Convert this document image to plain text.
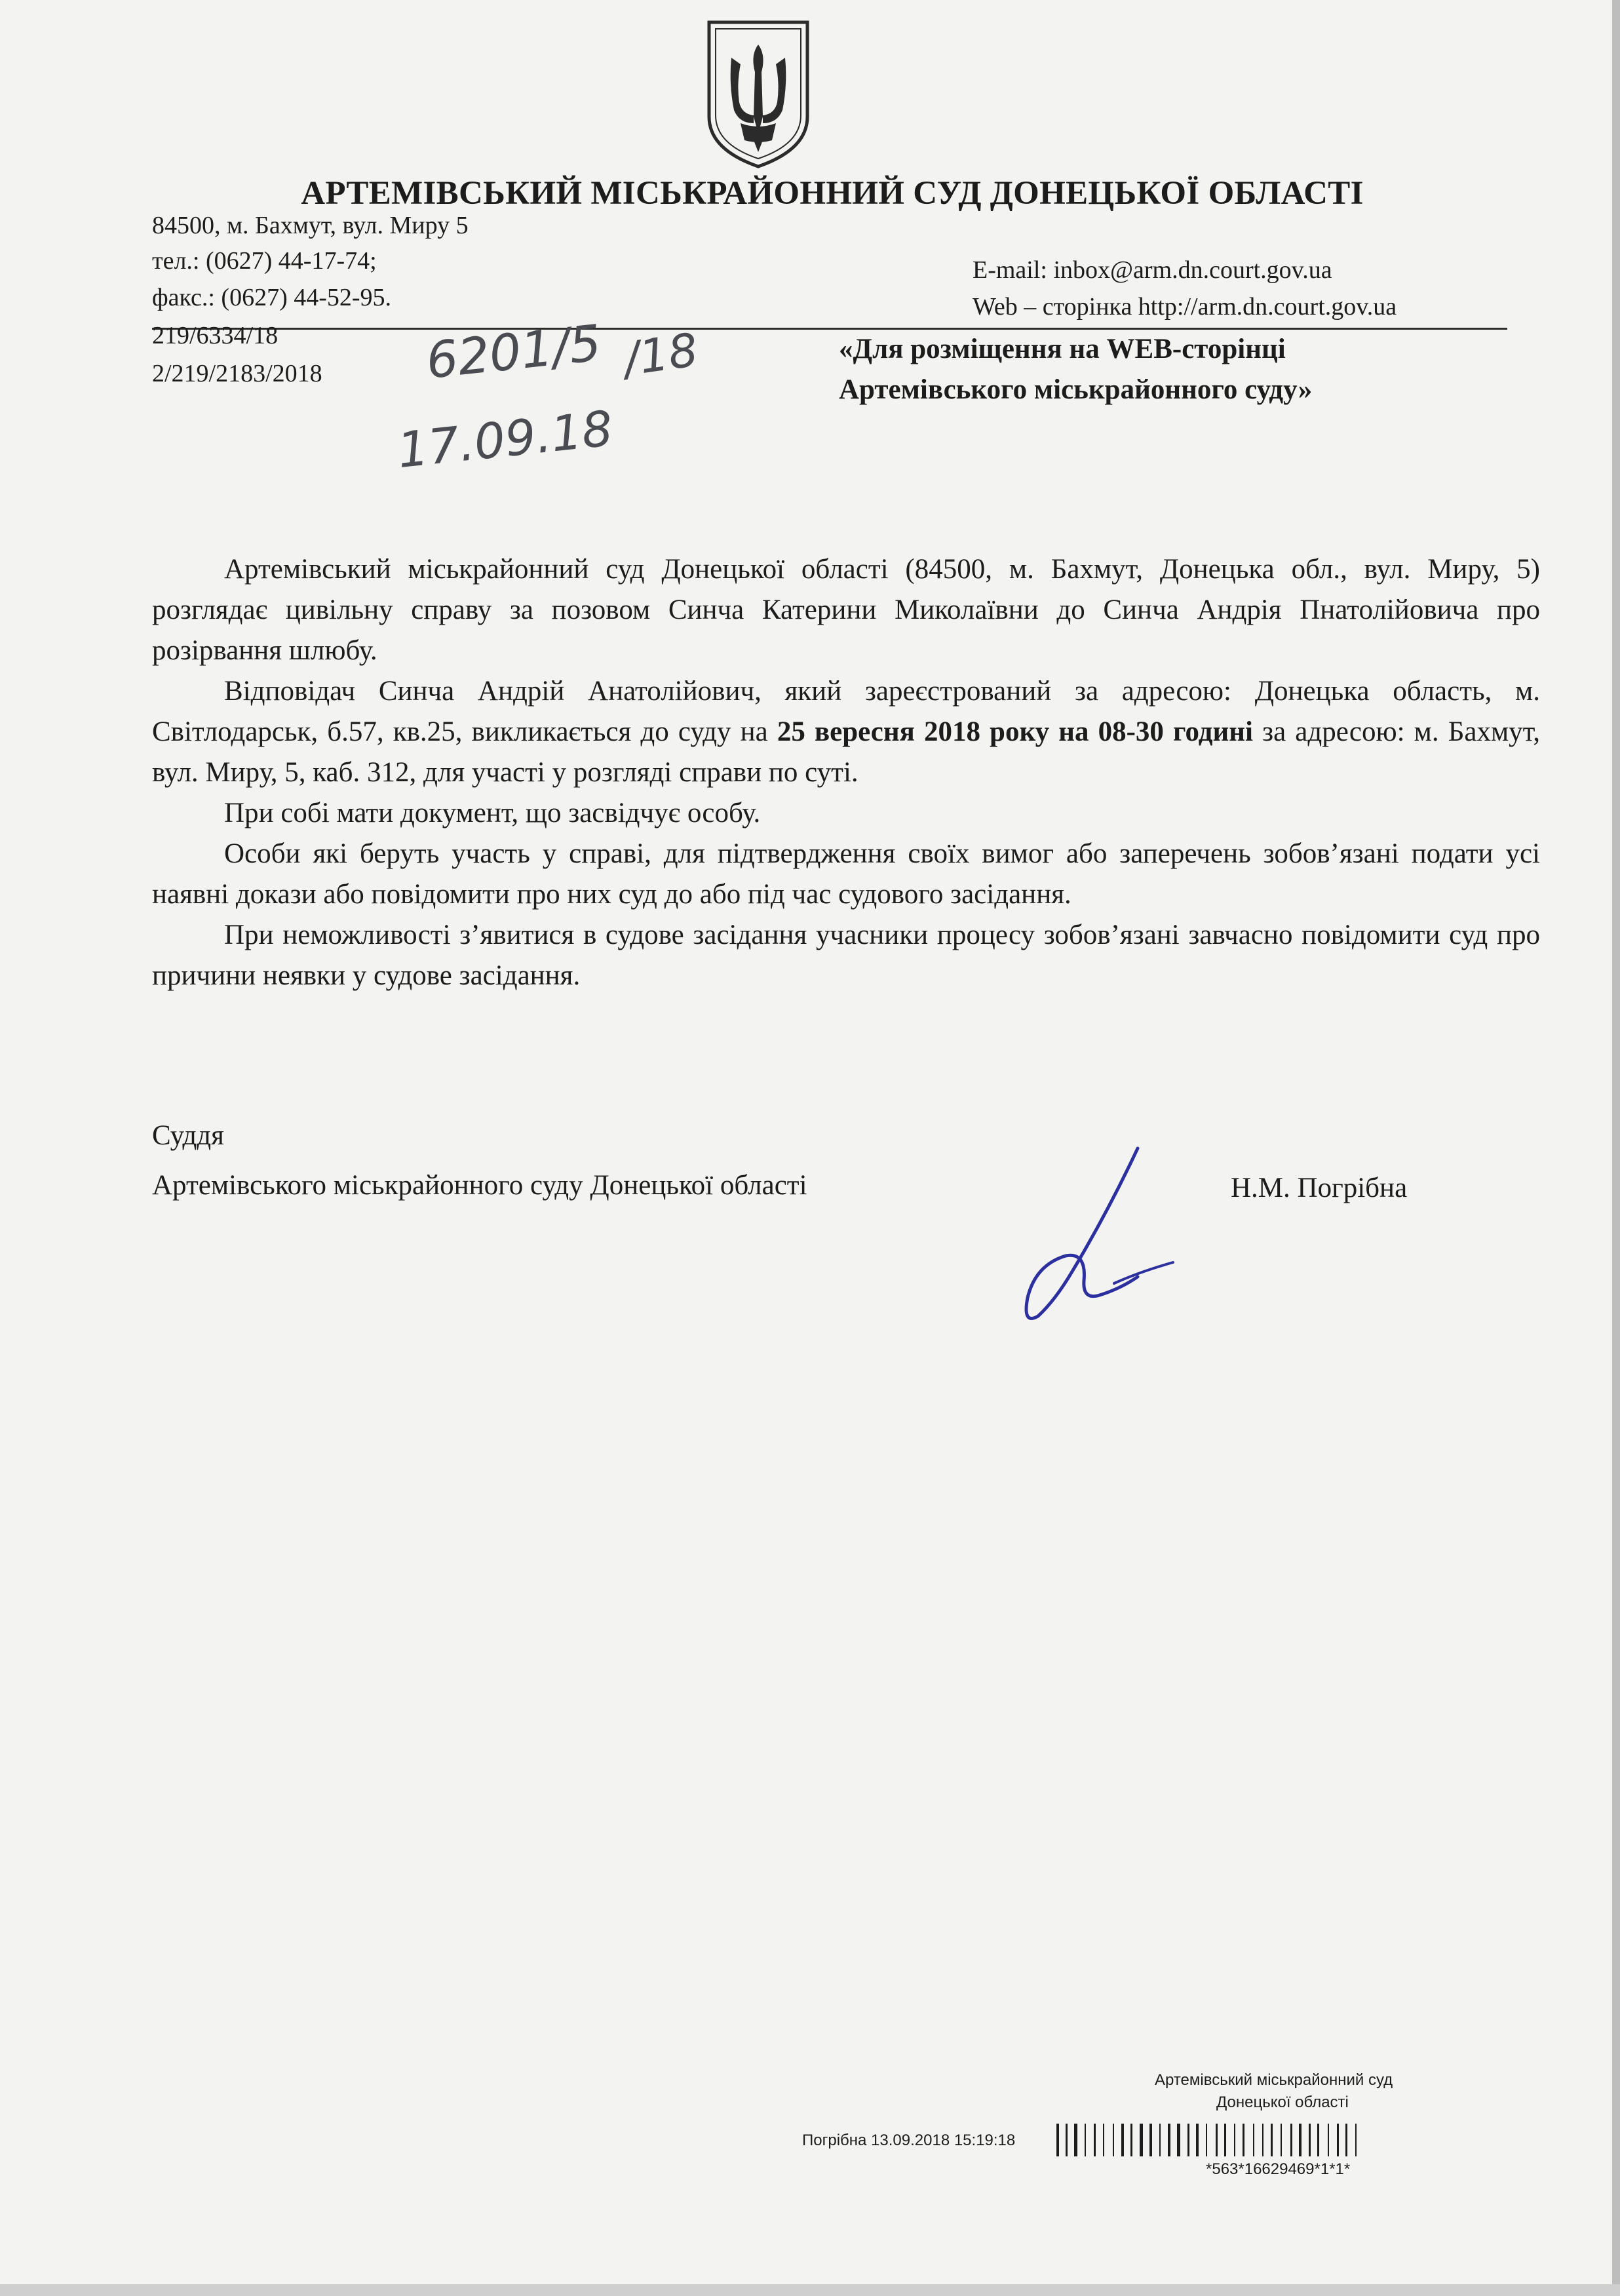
АРТЕМІВСЬКИЙ МІСЬКРАЙОННИЙ СУД ДОНЕЦЬКОЇ ОБЛАСТІ
84500, м. Бахмут, вул. Миру 5
тел.: (0627) 44-17-74;
факс.: (0627) 44-52-95.
E-mail: inbox@arm.dn.court.gov.ua
Web – сторінка http://arm.dn.court.gov.ua
219/6334/18
2/219/2183/2018
«Для розміщення на WEB-сторінці
Артемівського міськрайонного суду»
6201/5 /18
17.09.18

Артемівський міськрайонний суд Донецької області (84500, м. Бахмут, Донецька обл., вул. Миру, 5) розглядає цивільну справу за позовом Синча Катерини Миколаївни до Синча Андрія Пнатолійовича про розірвання шлюбу.

Відповідач Синча Андрій Анатолійович, який зареєстрований за адресою: Донецька область, м. Світлодарськ, б.57, кв.25, викликається до суду на 25 вересня 2018 року на 08-30 годині за адресою: м. Бахмут, вул. Миру, 5, каб. 312, для участі у розгляді справи по суті.

При собі мати документ, що засвідчує особу.

Особи які беруть участь у справі, для підтвердження своїх вимог або заперечень зобов’язані подати усі наявні докази або повідомити про них суд до або під час судового засідання.

При неможливості з’явитися в судове засідання учасники процесу зобов’язані завчасно повідомити суд про причини неявки у судове засідання.

Суддя
Артемівського міськрайонного суду Донецької області	Н.М. Погрібна
Артемівський міськрайонний суд
Донецької області
Погрібна 13.09.2018 15:19:18
*563*16629469*1*1*
